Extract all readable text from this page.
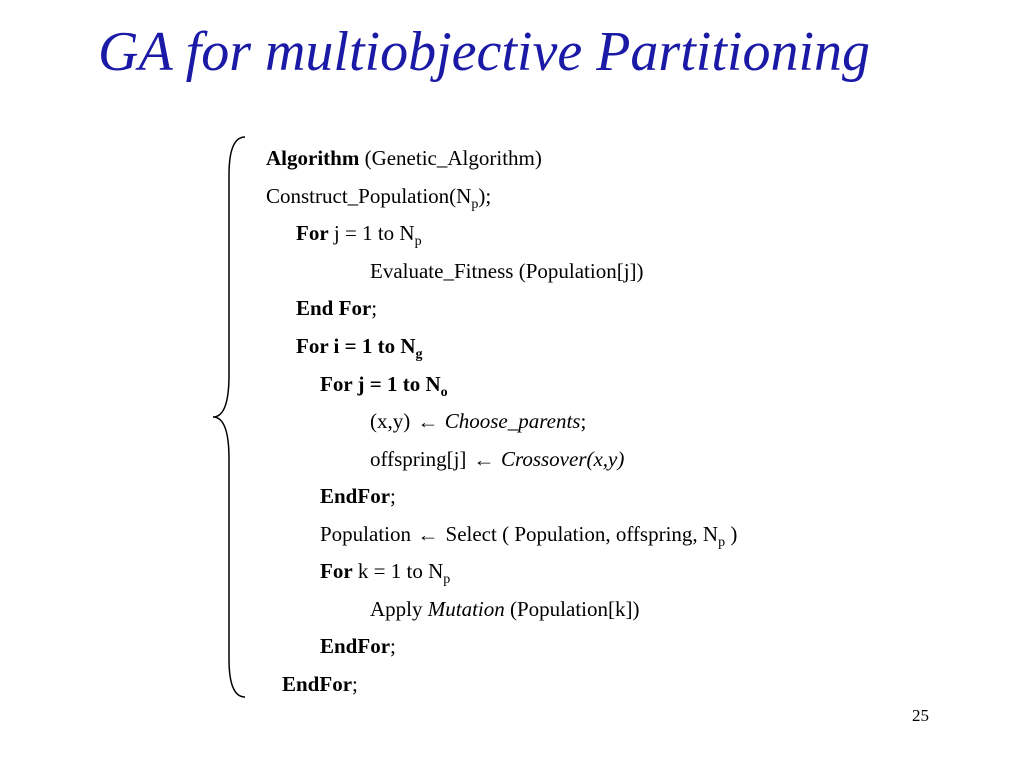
GA for multiobjective Partitioning
Algorithm (Genetic_Algorithm)
$Construct\_Population(N_p)$;
For j = 1 to $N_p$
Evaluate_Fitness (Population[j])
End For;
For i = 1 to $N_g$
For j = 1 to $N_o$
(x,y) ← Choose_parents;
offspring[j] ← Crossover(x,y)
EndFor;
Population ← Select ( Population, offspring, $N_p$ )
For k = 1 to $N_p$
Apply Mutation (Population[k])
EndFor;
EndFor;
25
